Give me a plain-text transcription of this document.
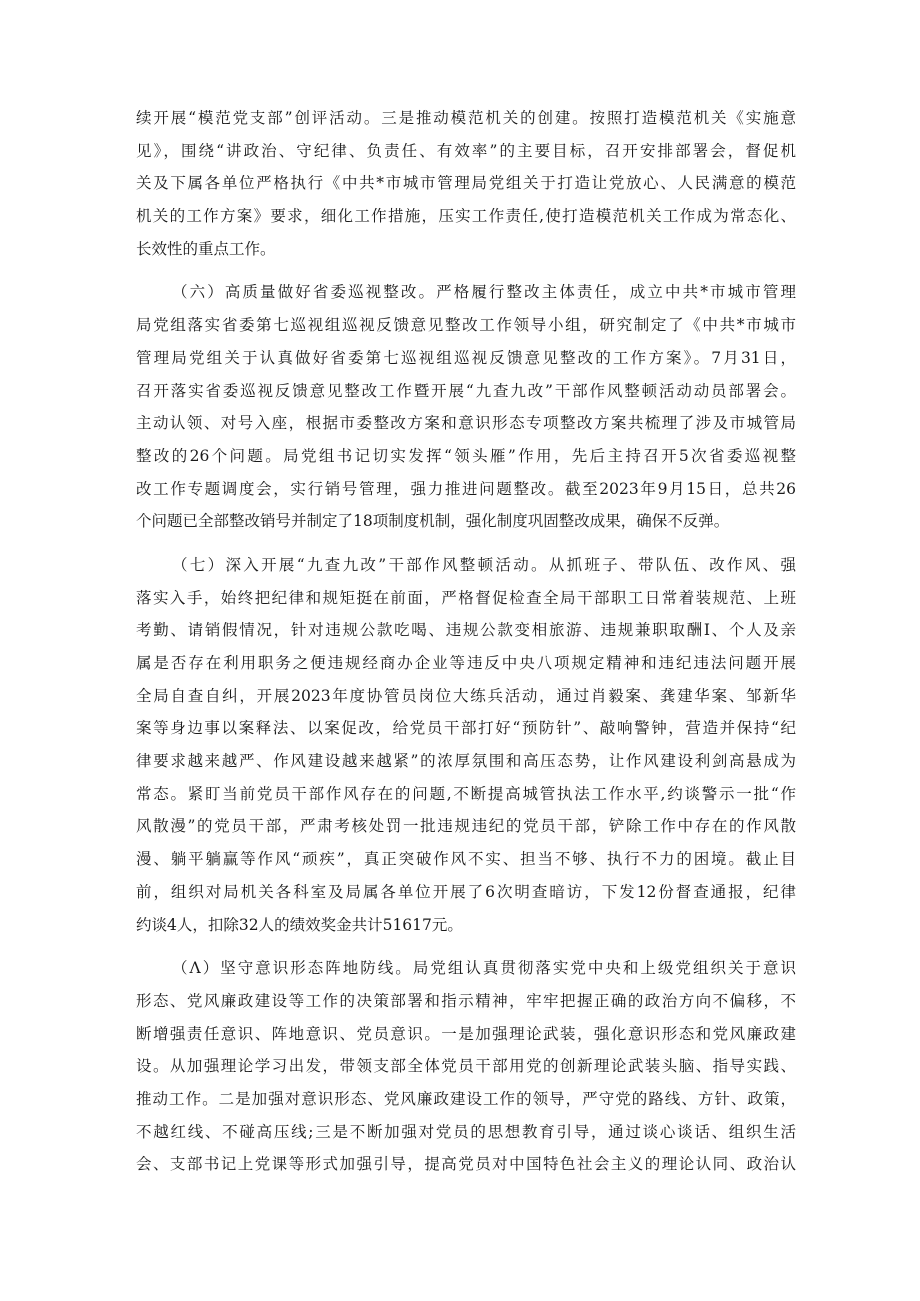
续开展“模范党支部”创评活动。三是推动模范机关的创建。按照打造模范机关《实施意
见》，围绕“讲政治、守纪律、负责任、有效率”的主要目标，召开安排部署会，督促机
关及下属各单位严格执行《中共*市城市管理局党组关于打造让党放心、人民满意的模范
机关的工作方案》要求，细化工作措施，压实工作责任,使打造模范机关工作成为常态化、
长效性的重点工作。
（六）高质量做好省委巡视整改。严格履行整改主体责任，成立中共*市城市管理
局党组落实省委第七巡视组巡视反馈意见整改工作领导小组，研究制定了《中共*市城市
管理局党组关于认真做好省委第七巡视组巡视反馈意见整改的工作方案》。7月31日，
召开落实省委巡视反馈意见整改工作暨开展“九查九改”干部作风整顿活动动员部署会。
主动认领、对号入座，根据市委整改方案和意识形态专项整改方案共梳理了涉及市城管局
整改的26个问题。局党组书记切实发挥“领头雁”作用，先后主持召开5次省委巡视整
改工作专题调度会，实行销号管理，强力推进问题整改。截至2023年9月15日，总共26
个问题已全部整改销号并制定了18项制度机制，强化制度巩固整改成果，确保不反弹。
（七）深入开展“九查九改”干部作风整顿活动。从抓班子、带队伍、改作风、强
落实入手，始终把纪律和规矩挺在前面，严格督促检查全局干部职工日常着装规范、上班
考勤、请销假情况，针对违规公款吃喝、违规公款变相旅游、违规兼职取酬I、个人及亲
属是否存在利用职务之便违规经商办企业等违反中央八项规定精神和违纪违法问题开展
全局自查自纠，开展2023年度协管员岗位大练兵活动，通过肖毅案、龚建华案、邹新华
案等身边事以案释法、以案促改，给党员干部打好“预防针”、敲响警钟，营造并保持“纪
律要求越来越严、作风建设越来越紧”的浓厚氛围和高压态势，让作风建设利剑高悬成为
常态。紧盯当前党员干部作风存在的问题,不断提高城管执法工作水平,约谈警示一批“作
风散漫”的党员干部，严肃考核处罚一批违规违纪的党员干部，铲除工作中存在的作风散
漫、躺平躺赢等作风“顽疾”，真正突破作风不实、担当不够、执行不力的困境。截止目
前，组织对局机关各科室及局属各单位开展了6次明查暗访，下发12份督查通报，纪律
约谈4人，扣除32人的绩效奖金共计51617元。
（Λ）坚守意识形态阵地防线。局党组认真贯彻落实党中央和上级党组织关于意识
形态、党风廉政建设等工作的决策部署和指示精神，牢牢把握正确的政治方向不偏移，不
断增强责任意识、阵地意识、党员意识。一是加强理论武装，强化意识形态和党风廉政建
设。从加强理论学习出发，带领支部全体党员干部用党的创新理论武装头脑、指导实践、
推动工作。二是加强对意识形态、党风廉政建设工作的领导，严守党的路线、方针、政策，
不越红线、不碰高压线;三是不断加强对党员的思想教育引导，通过谈心谈话、组织生活
会、支部书记上党课等形式加强引导，提高党员对中国特色社会主义的理论认同、政治认
